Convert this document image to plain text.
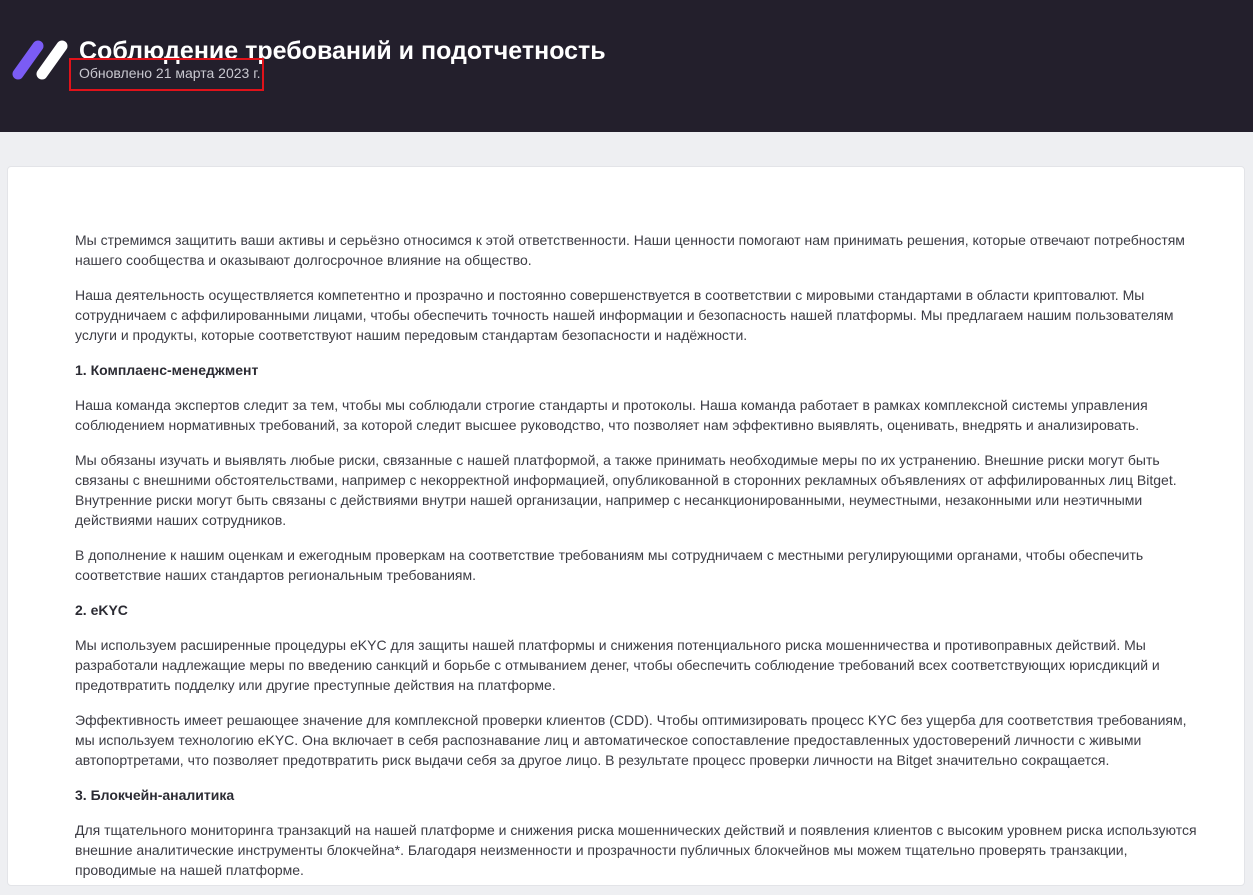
Соблюдение требований и подотчетность
Обновлено 21 марта 2023 г.

Мы стремимся защитить ваши активы и серьёзно относимся к этой ответственности. Наши ценности помогают нам принимать решения, которые отвечают потребностям нашего сообщества и оказывают долгосрочное влияние на общество.

Наша деятельность осуществляется компетентно и прозрачно и постоянно совершенствуется в соответствии с мировыми стандартами в области криптовалют. Мы сотрудничаем с аффилированными лицами, чтобы обеспечить точность нашей информации и безопасность нашей платформы. Мы предлагаем нашим пользователям услуги и продукты, которые соответствуют нашим передовым стандартам безопасности и надёжности.

1. Комплаенс-менеджмент

Наша команда экспертов следит за тем, чтобы мы соблюдали строгие стандарты и протоколы. Наша команда работает в рамках комплексной системы управления соблюдением нормативных требований, за которой следит высшее руководство, что позволяет нам эффективно выявлять, оценивать, внедрять и анализировать.

Мы обязаны изучать и выявлять любые риски, связанные с нашей платформой, а также принимать необходимые меры по их устранению. Внешние риски могут быть связаны с внешними обстоятельствами, например с некорректной информацией, опубликованной в сторонних рекламных объявлениях от аффилированных лиц Bitget. Внутренние риски могут быть связаны с действиями внутри нашей организации, например с несанкционированными, неуместными, незаконными или неэтичными действиями наших сотрудников.

В дополнение к нашим оценкам и ежегодным проверкам на соответствие требованиям мы сотрудничаем с местными регулирующими органами, чтобы обеспечить соответствие наших стандартов региональным требованиям.

2. eKYC

Мы используем расширенные процедуры eKYC для защиты нашей платформы и снижения потенциального риска мошенничества и противоправных действий. Мы разработали надлежащие меры по введению санкций и борьбе с отмыванием денег, чтобы обеспечить соблюдение требований всех соответствующих юрисдикций и предотвратить подделку или другие преступные действия на платформе.

Эффективность имеет решающее значение для комплексной проверки клиентов (CDD). Чтобы оптимизировать процесс KYC без ущерба для соответствия требованиям, мы используем технологию eKYC. Она включает в себя распознавание лиц и автоматическое сопоставление предоставленных удостоверений личности с живыми автопортретами, что позволяет предотвратить риск выдачи себя за другое лицо. В результате процесс проверки личности на Bitget значительно сокращается.

3. Блокчейн-аналитика

Для тщательного мониторинга транзакций на нашей платформе и снижения риска мошеннических действий и появления клиентов с высоким уровнем риска используются внешние аналитические инструменты блокчейна*. Благодаря неизменности и прозрачности публичных блокчейнов мы можем тщательно проверять транзакции, проводимые на нашей платформе.
